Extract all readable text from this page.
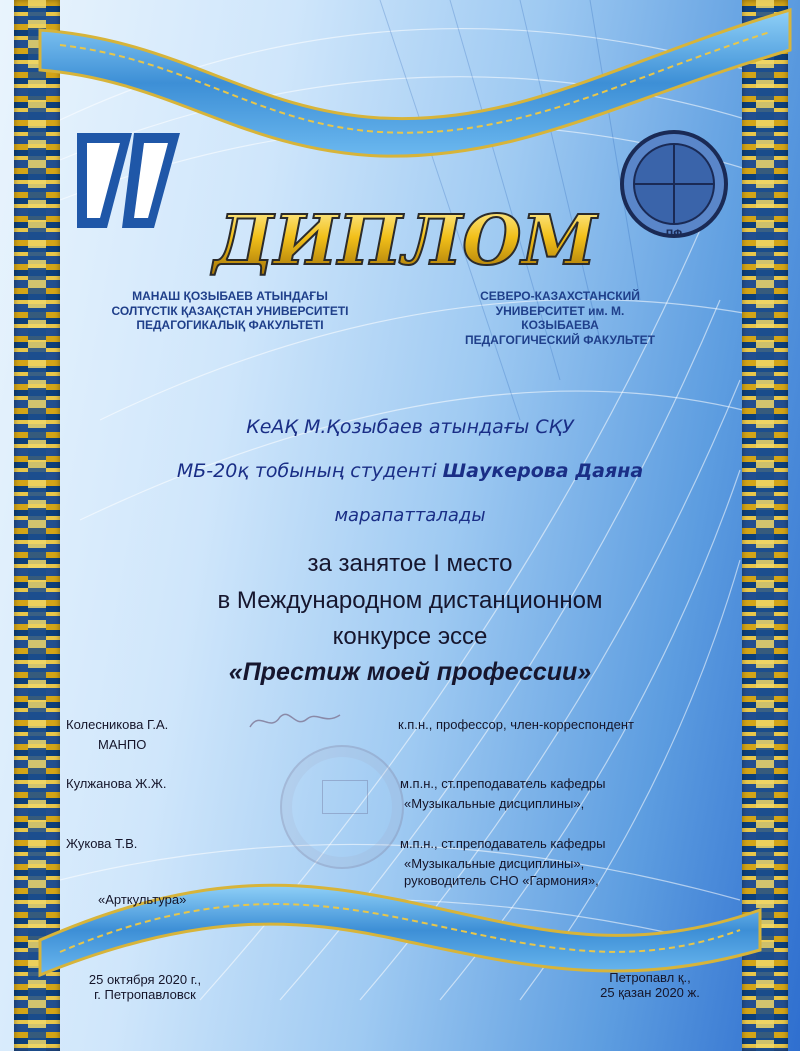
ПФ
ДИПЛОМ
МАНАШ ҚОЗЫБАЕВ АТЫНДАҒЫ
СОЛТҮСТІК ҚАЗАҚСТАН УНИВЕРСИТЕТІ
ПЕДАГОГИКАЛЫҚ ФАКУЛЬТЕТІ
СЕВЕРО-КАЗАХСТАНСКИЙ
УНИВЕРСИТЕТ им. М.
КОЗЫБАЕВА
ПЕДАГОГИЧЕСКИЙ ФАКУЛЬТЕТ

КеАҚ М.Қозыбаев атындағы СҚУ

МБ-20қ тобының студенті Шаукерова Даяна

марапатталады

за занятое I место

в Международном дистанционном

конкурсе эссе

«Престиж моей профессии»

Колесникова Г.А.

МАНПО

к.п.н., профессор, член-корреспондент

Кулжанова Ж.Ж.	м.п.н., ст.преподаватель кафедры

«Музыкальные дисциплины»,

Жукова Т.В.	м.п.н., ст.преподаватель кафедры

«Музыкальные дисциплины»,

руководитель СНО «Гармония»,

«Арткультура»

25 октября 2020 г.,
г. Петропавловск
Петропавл қ.,
25 қазан 2020 ж.
